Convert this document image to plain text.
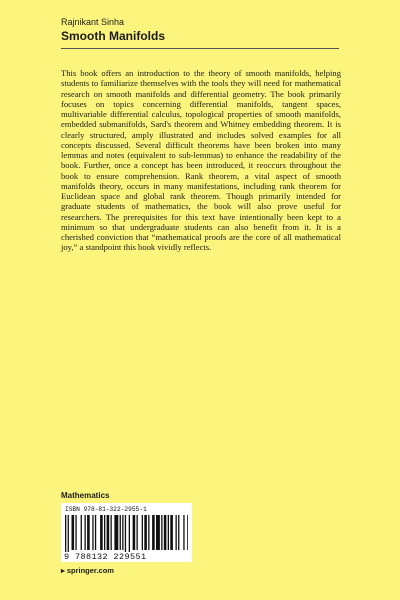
Rajnikant Sinha
Smooth Manifolds

This book offers an introduction to the theory of smooth manifolds, helping students to familiarize themselves with the tools they will need for mathematical research on smooth manifolds and differential geometry. The book primarily focuses on topics concerning differential manifolds, tangent spaces, multivariable differential calculus, topological properties of smooth manifolds, embedded submanifolds, Sard's theorem and Whitney embedding theorem. It is clearly structured, amply illustrated and includes solved examples for all concepts discussed. Several difficult theorems have been broken into many lemmas and notes (equivalent to sub-lemmas) to enhance the readability of the book. Further, once a concept has been introduced, it reoccurs throughout the book to ensure comprehension. Rank theorem, a vital aspect of smooth manifolds theory, occurs in many manifestations, including rank theorem for Euclidean space and global rank theorem. Though primarily intended for graduate students of mathematics, the book will also prove useful for researchers. The prerequisites for this text have intentionally been kept to a minimum so that undergraduate students can also benefit from it. It is a cherished conviction that “mathematical proofs are the core of all mathematical joy,” a standpoint this book vividly reflects.

Mathematics
ISBN 978-81-322-2955-1
9 788132 229551
▸ springer.com
